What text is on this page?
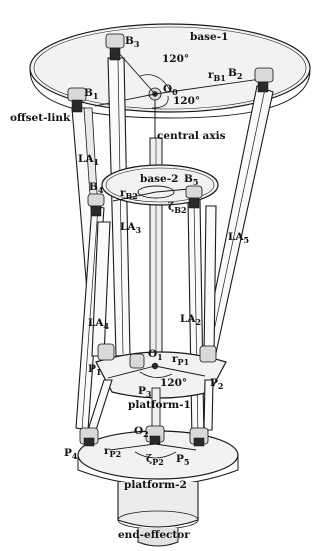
base-1
$B_3$
120°
$r_{B1}$ $B_2$
$O_0$
$B_1$	120°
offset-link
central axis
$LA_1$
base-2
$B_4$ $r_{B2}$
$B_5$
$\zeta_{B2}$
$LA_3$
$LA_5$
$LA_4$
$LA_2$
$O_1$ $r_{P1}$
$P_1$
120° $P_2$
$P_3$
platform-1
$O_2$
$P_4$	$r_{P2}$ $\zeta_{P2}$ $P_5$
platform-2
end-effector
